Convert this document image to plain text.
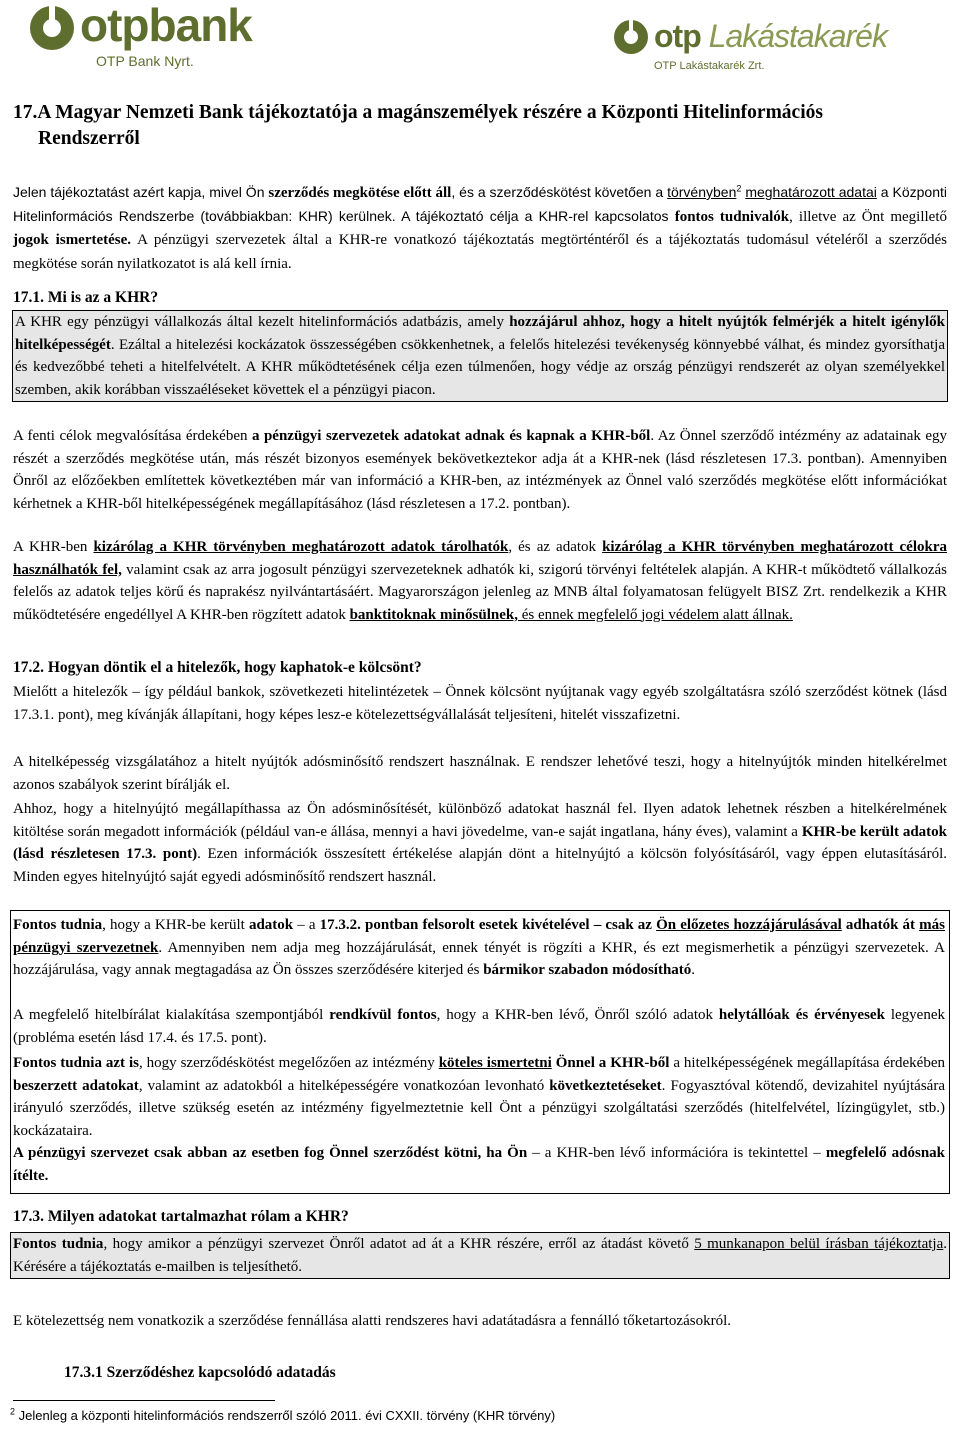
otpbank
OTP Bank Nyrt.
otp Lakástakarék
OTP Lakástakarék Zrt.
17.A Magyar Nemzeti Bank tájékoztatója a magánszemélyek részére a Központi Hitelinformációs
Rendszerről

Jelen tájékoztatást azért kapja, mivel Ön szerződés megkötése előtt áll, és a szerződéskötést követően a törvényben$^2$ meghatározott adatai a Központi Hitelinformációs Rendszerbe (továbbiakban: KHR) kerülnek. A tájékoztató célja a KHR-rel kapcsolatos fontos tudnivalók, illetve az Önt megillető jogok ismertetése. A pénzügyi szervezetek által a KHR-re vonatkozó tájékoztatás megtörténtéről és a tájékoztatás tudomásul vételéről a szerződés megkötése során nyilatkozatot is alá kell írnia.

17.1. Mi is az a KHR?
A KHR egy pénzügyi vállalkozás által kezelt hitelinformációs adatbázis, amely hozzájárul ahhoz, hogy a hitelt nyújtók felmérjék a hitelt igénylők hitelképességét. Ezáltal a hitelezési kockázatok összességében csökkenhetnek, a felelős hitelezési tevékenység könnyebbé válhat, és mindez gyorsíthatja és kedvezőbbé teheti a hitelfelvételt. A KHR működtetésének célja ezen túlmenően, hogy védje az ország pénzügyi rendszerét az olyan személyekkel szemben, akik korábban visszaéléseket követtek el a pénzügyi piacon.

A fenti célok megvalósítása érdekében a pénzügyi szervezetek adatokat adnak és kapnak a KHR-ből. Az Önnel szerződő intézmény az adatainak egy részét a szerződés megkötése után, más részét bizonyos események bekövetkeztekor adja át a KHR-nek (lásd részletesen 17.3. pontban). Amennyiben Önről az előzőekben említettek következtében már van információ a KHR-ben, az intézmények az Önnel való szerződés megkötése előtt információkat kérhetnek a KHR-ből hitelképességének megállapításához (lásd részletesen a 17.2. pontban).

A KHR-ben kizárólag a KHR törvényben meghatározott adatok tárolhatók, és az adatok kizárólag a KHR törvényben meghatározott célokra használhatók fel, valamint csak az arra jogosult pénzügyi szervezeteknek adhatók ki, szigorú törvényi feltételek alapján. A KHR-t működtető vállalkozás felelős az adatok teljes körű és naprakész nyilvántartásáért. Magyarországon jelenleg az MNB által folyamatosan felügyelt BISZ Zrt. rendelkezik a KHR működtetésére engedéllyel A KHR-ben rögzített adatok banktitoknak minősülnek, és ennek megfelelő jogi védelem alatt állnak.

17.2. Hogyan döntik el a hitelezők, hogy kaphatok-e kölcsönt?

Mielőtt a hitelezők – így például bankok, szövetkezeti hitelintézetek – Önnek kölcsönt nyújtanak vagy egyéb szolgáltatásra szóló szerződést kötnek (lásd 17.3.1. pont), meg kívánják állapítani, hogy képes lesz-e kötelezettségvállalását teljesíteni, hitelét visszafizetni.

A hitelképesség vizsgálatához a hitelt nyújtók adósminősítő rendszert használnak. E rendszer lehetővé teszi, hogy a hitelnyújtók minden hitelkérelmet azonos szabályok szerint bírálják el.

Ahhoz, hogy a hitelnyújtó megállapíthassa az Ön adósminősítését, különböző adatokat használ fel. Ilyen adatok lehetnek részben a hitelkérelmének kitöltése során megadott információk (például van-e állása, mennyi a havi jövedelme, van-e saját ingatlana, hány éves), valamint a KHR-be került adatok (lásd részletesen 17.3. pont). Ezen információk összesített értékelése alapján dönt a hitelnyújtó a kölcsön folyósításáról, vagy éppen elutasításáról. Minden egyes hitelnyújtó saját egyedi adósminősítő rendszert használ.

Fontos tudnia, hogy a KHR-be került adatok – a 17.3.2. pontban felsorolt esetek kivételével – csak az Ön előzetes hozzájárulásával adhatók át más pénzügyi szervezetnek. Amennyiben nem adja meg hozzájárulását, ennek tényét is rögzíti a KHR, és ezt megismerhetik a pénzügyi szervezetek. A hozzájárulása, vagy annak megtagadása az Ön összes szerződésére kiterjed és bármikor szabadon módosítható.

A megfelelő hitelbírálat kialakítása szempontjából rendkívül fontos, hogy a KHR-ben lévő, Önről szóló adatok helytállóak és érvényesek legyenek (probléma esetén lásd 17.4. és 17.5. pont).

Fontos tudnia azt is, hogy szerződéskötést megelőzően az intézmény köteles ismertetni Önnel a KHR-ből a hitelképességének megállapítása érdekében beszerzett adatokat, valamint az adatokból a hitelképességére vonatkozóan levonható következtetéseket. Fogyasztóval kötendő, devizahitel nyújtására irányuló szerződés, illetve szükség esetén az intézmény figyelmeztetnie kell Önt a pénzügyi szolgáltatási szerződés (hitelfelvétel, lízingügylet, stb.) kockázataira.

A pénzügyi szervezet csak abban az esetben fog Önnel szerződést kötni, ha Ön – a KHR-ben lévő információra is tekintettel – megfelelő adósnak ítélte.

17.3. Milyen adatokat tartalmazhat rólam a KHR?
Fontos tudnia, hogy amikor a pénzügyi szervezet Önről adatot ad át a KHR részére, erről az átadást követő 5 munkanapon belül írásban tájékoztatja. Kérésére a tájékoztatás e-mailben is teljesíthető.

E kötelezettség nem vonatkozik a szerződése fennállása alatti rendszeres havi adatátadásra a fennálló tőketartozásokról.

17.3.1 Szerződéshez kapcsolódó adatadás
$^2$ Jelenleg a központi hitelinformációs rendszerről szóló 2011. évi CXXII. törvény (KHR törvény)
